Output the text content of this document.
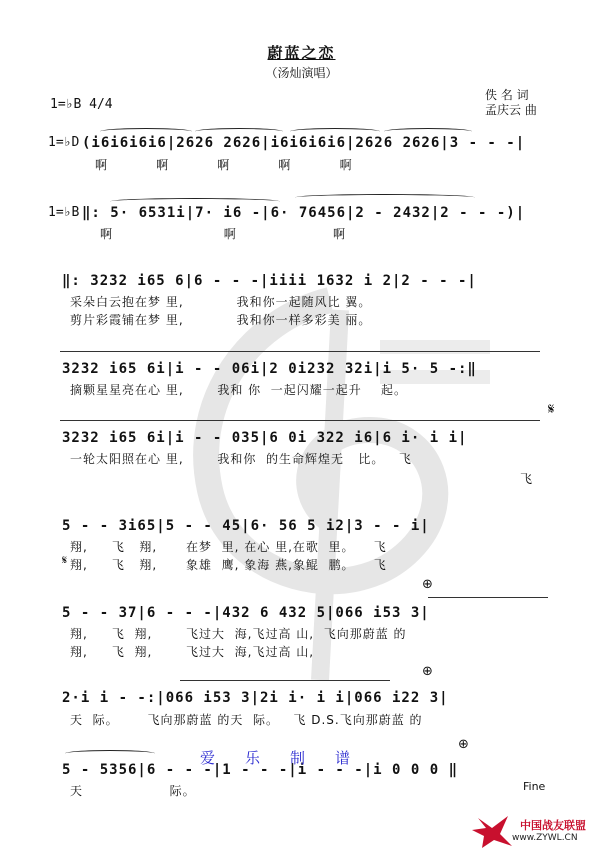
蔚蓝之恋
（汤灿演唱）
佚 名 词
孟庆云 曲
1=♭B 4/4
1=♭D (i6i6i6i6|2626 2626|i6i6i6i6|2626 2626|3 - - -|
啊          啊          啊          啊          啊
1=♭B ‖: 5· 6531i|7· i6 -|6· 76456|2 - 2432|2 - - -)|
啊                       啊                    啊
‖: 3232 i65 6|6 - - -|iiii 1632 i 2|2 - - -|
采朵白云抱在梦 里,           我和你一起随风比 翼。
剪片彩霞铺在梦 里,           我和你一样多彩美 丽。
3232 i65 6i|i - - 06i|2 0i232 32i|i 5· 5 -:‖
摘颗星星亮在心 里,       我和 你  一起闪耀一起升    起。
3232 i65 6i|i - - 035|6 0i 322 i6|6 i· i i|
一轮太阳照在心 里,       我和你  的生命辉煌无   比。   飞
飞
5 - - 3i65|5 - - 45|6· 56 5 i2|3 - - i|
翔,     飞   翔,      在梦  里, 在心 里,在歌  里。    飞
翔,     飞   翔,      象雄  鹰, 象海 燕,象鲲  鹏。    飞
5 - - 37|6 - - -|432 6 432 5|066 i53 3|
翔,     飞  翔,       飞过大  海,飞过高 山,  飞向那蔚蓝 的
翔,     飞  翔,       飞过大  海,飞过高 山,
2·i i - -:|066 i53 3|2i i· i i|066 i22 3|
天  际。      飞向那蔚蓝 的天  际。   飞 D.S.飞向那蔚蓝 的
5 - 5356|6 - - -|1 - - -|i - - -|i 0 0 0 ‖
天                  际。	Fine
𝄋
𝄋
⊕
⊕
⊕
爱乐制谱
中国战友联盟
www.ZYWL.CN
